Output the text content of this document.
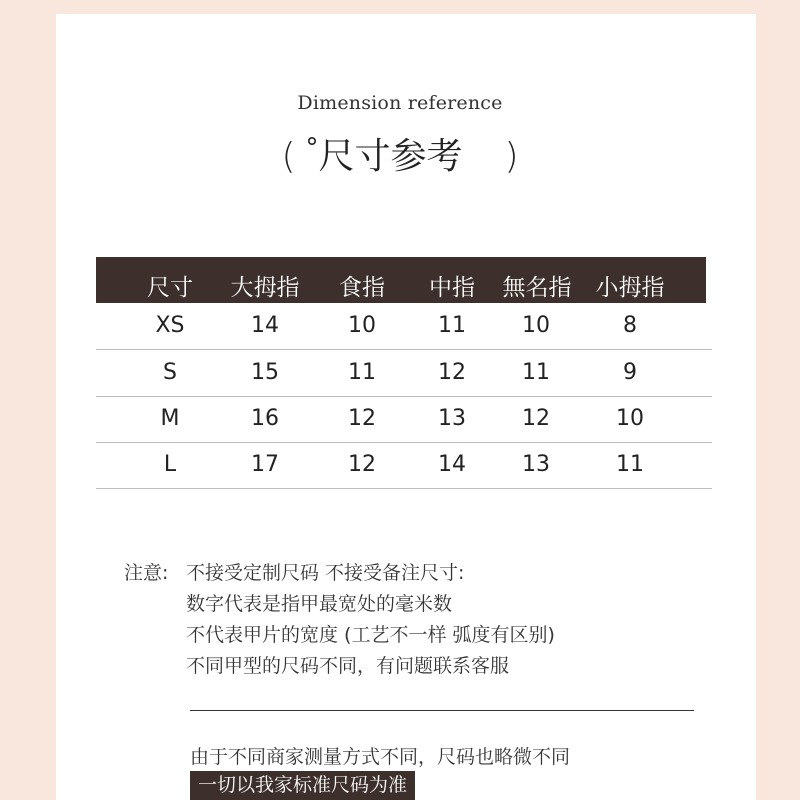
Dimension reference
( °尺寸参考 )
尺寸 大拇指 食指 中指 無名指 小拇指
XS	14	10	11	10	8
S	15	11	12	11	9
M	16	12	13	12	10
L	17	12	14	13	11
注意: 不接受定制尺码 不接受备注尺寸:
数字代表是指甲最宽处的毫米数
不代表甲片的宽度 (工艺不一样 弧度有区别)
不同甲型的尺码不同，有问题联系客服
由于不同商家测量方式不同，尺码也略微不同
一切以我家标准尺码为准
